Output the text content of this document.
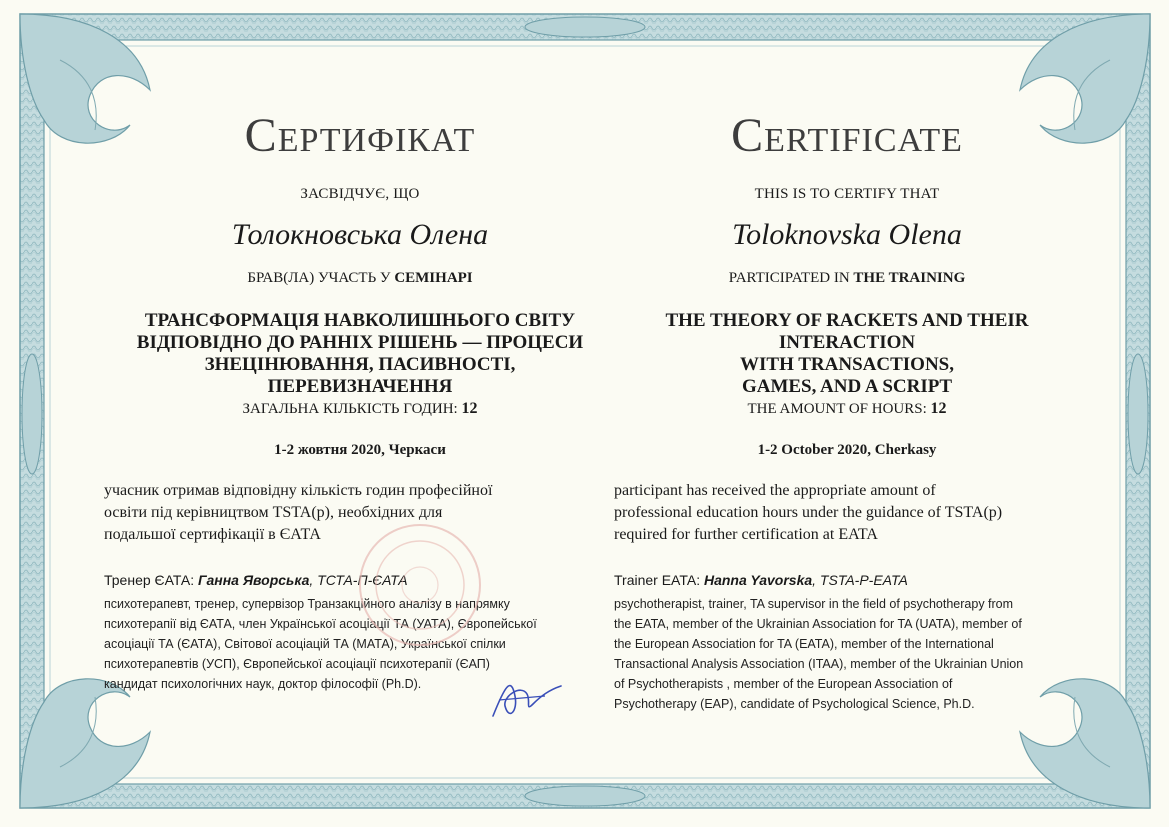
Сертифікат
ЗАСВІДЧУЄ, ЩО
Толокновська Олена
БРАВ(ЛА) УЧАСТЬ У СЕМІНАРІ
ТРАНСФОРМАЦІЯ НАВКОЛИШНЬОГО СВІТУ
ВІДПОВІДНО ДО РАННІХ РІШЕНЬ — ПРОЦЕСИ
ЗНЕЦІНЮВАННЯ, ПАСИВНОСТІ,
ПЕРЕВИЗНАЧЕННЯ
ЗАГАЛЬНА КІЛЬКІСТЬ ГОДИН: 12
1-2 жовтня 2020, Черкаси
учасник отримав відповідну кількість годин професійної
освіти під керівництвом TSTA(p), необхідних для
подальшої сертифікації в ЄАТА
Тренер ЄАТА: Ганна Яворська, ТСТА-П-ЄАТА
психотерапевт, тренер, супервізор Транзакційного аналізу в напрямку
психотерапії від ЄАТА, член Української асоціації ТА (УАТА), Європейської
асоціації ТА (ЄАТА), Світової асоціацій ТА (МАТА), Української спілки
психотерапевтів (УСП), Європейської асоціації психотерапії (ЄАП)
кандидат психологічних наук, доктор філософії (Ph.D).
Certificate
THIS IS TO CERTIFY THAT
Toloknovska Olena
PARTICIPATED IN THE TRAINING
THE THEORY OF RACKETS AND THEIR
INTERACTION
WITH TRANSACTIONS,
GAMES, AND A SCRIPT
THE AMOUNT OF HOURS: 12
1-2 October 2020, Cherkasy
participant has received the appropriate amount of
professional education hours under the guidance of TSTA(p)
required for further certification at EATA
Trainer EATA: Hanna Yavorska, TSTA-P-EATA
psychotherapist, trainer, TA supervisor in the field of psychotherapy from
the EATA, member of the Ukrainian Association for TA (UATA), member of
the European Association for TA (EATA), member of the International
Transactional Analysis Association (ITAA), member of the Ukrainian Union
of Psychotherapists , member of the European Association of
Psychotherapy (EAP), candidate of Psychological Science, Ph.D.
